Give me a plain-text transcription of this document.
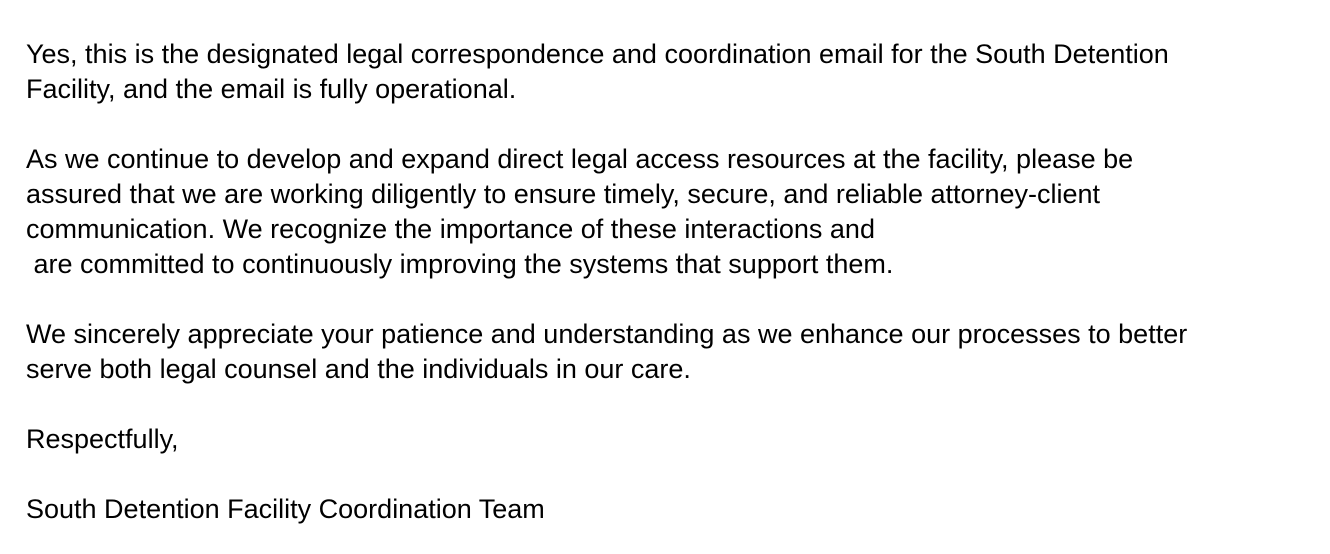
Yes, this is the designated legal correspondence and coordination email for the South Detention
Facility, and the email is fully operational.
As we continue to develop and expand direct legal access resources at the facility, please be
assured that we are working diligently to ensure timely, secure, and reliable attorney-client
communication. We recognize the importance of these interactions and
are committed to continuously improving the systems that support them.
We sincerely appreciate your patience and understanding as we enhance our processes to better
serve both legal counsel and the individuals in our care.
Respectfully,
South Detention Facility Coordination Team
